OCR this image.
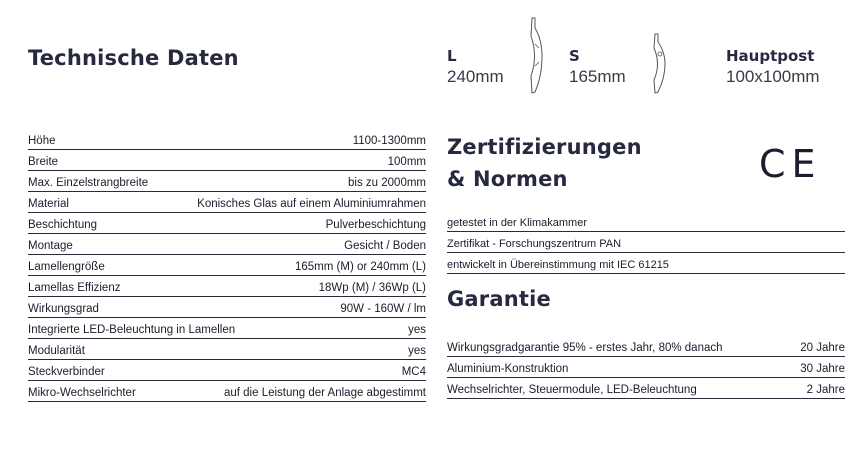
Technische Daten
Höhe	1100-1300mm
Breite	100mm
Max. Einzelstrangbreite	bis zu 2000mm
Material	Konisches Glas auf einem Aluminiumrahmen
Beschichtung	Pulverbeschichtung
Montage	Gesicht / Boden
Lamellengröße	165mm (M) or 240mm (L)
Lamellas Effizienz	18Wp (M) / 36Wp (L)
Wirkungsgrad	90W - 160W / lm
Integrierte LED-Beleuchtung in Lamellen	yes
Modularität	yes
Steckverbinder	MC4
Mikro-Wechselrichter	auf die Leistung der Anlage abgestimmt
L
240mm
S
165mm
Hauptpost
100x100mm
Zertifizierungen
& Normen	CE
getestet in der Klimakammer
Zertifikat - Forschungszentrum PAN
entwickelt in Übereinstimmung mit IEC 61215
Garantie
Wirkungsgradgarantie 95% - erstes Jahr, 80% danach	20 Jahre
Aluminium-Konstruktion	30 Jahre
Wechselrichter, Steuermodule, LED-Beleuchtung	2 Jahre
